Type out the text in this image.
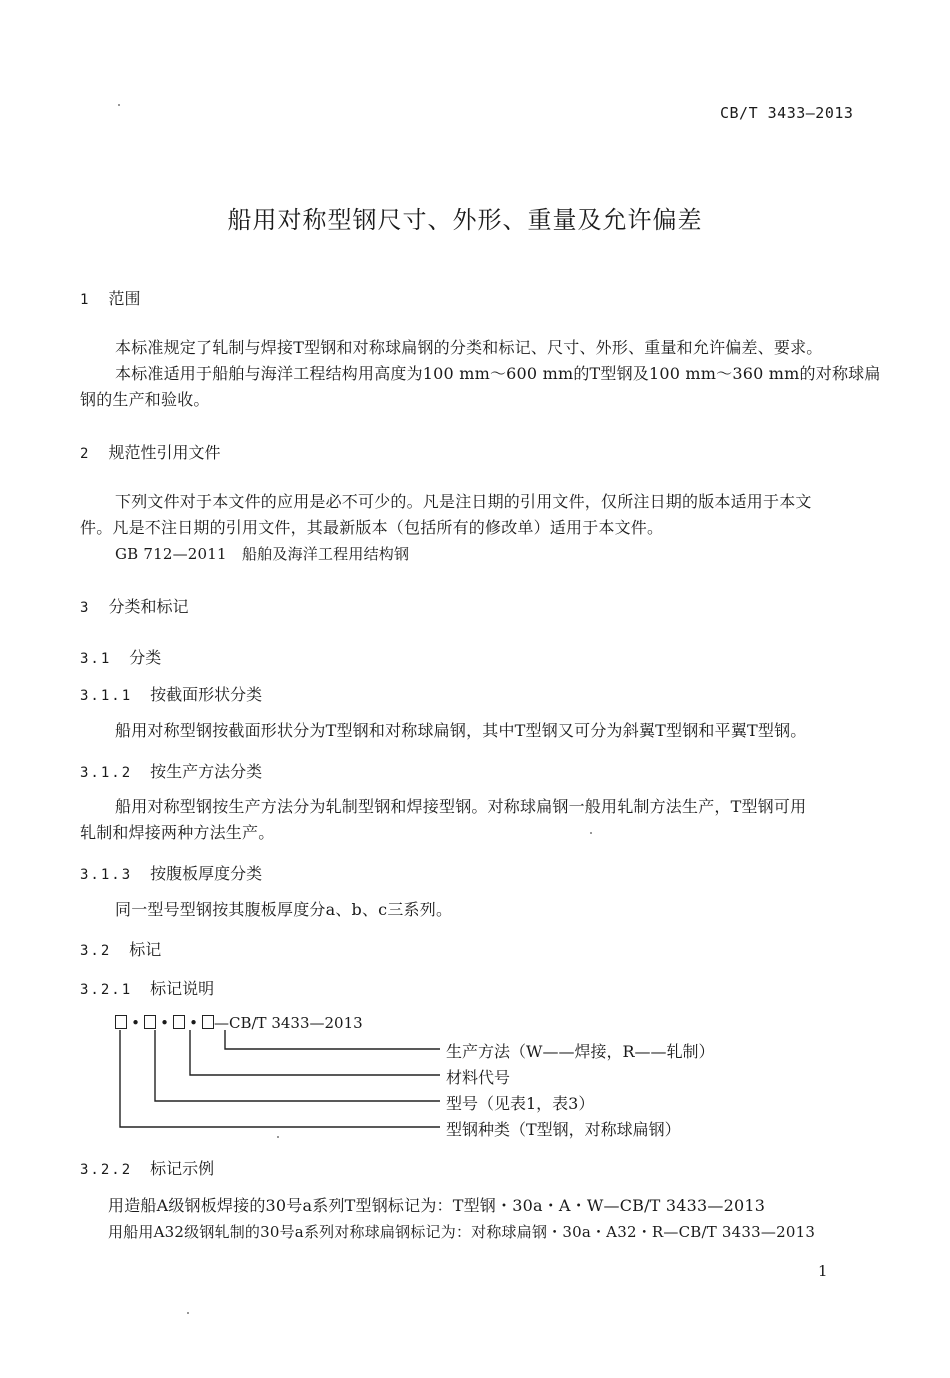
CB/T 3433—2013
船用对称型钢尺寸、外形、重量及允许偏差
1 范围
本标准规定了轧制与焊接T型钢和对称球扁钢的分类和标记、尺寸、外形、重量和允许偏差、要求。
本标准适用于船舶与海洋工程结构用高度为100 mm～600 mm的T型钢及100 mm～360 mm的对称球扁
钢的生产和验收。
2 规范性引用文件
下列文件对于本文件的应用是必不可少的。凡是注日期的引用文件，仅所注日期的版本适用于本文
件。凡是不注日期的引用文件，其最新版本（包括所有的修改单）适用于本文件。
GB 712—2011　船舶及海洋工程用结构钢
3 分类和标记
3.1 分类
3.1.1 按截面形状分类
船用对称型钢按截面形状分为T型钢和对称球扁钢，其中T型钢又可分为斜翼T型钢和平翼T型钢。
3.1.2 按生产方法分类
船用对称型钢按生产方法分为轧制型钢和焊接型钢。对称球扁钢一般用轧制方法生产，T型钢可用
轧制和焊接两种方法生产。
3.1.3 按腹板厚度分类
同一型号型钢按其腹板厚度分a、b、c三系列。
3.2 标记
3.2.1 标记说明
• • • —CB/T 3433—2013
生产方法（W——焊接，R——轧制）
材料代号
型号（见表1，表3）
型钢种类（T型钢，对称球扁钢）
3.2.2 标记示例
用造船A级钢板焊接的30号a系列T型钢标记为：T型钢・30a・A・W—CB/T 3433—2013
用船用A32级钢轧制的30号a系列对称球扁钢标记为：对称球扁钢・30a・A32・R—CB/T 3433—2013
1
